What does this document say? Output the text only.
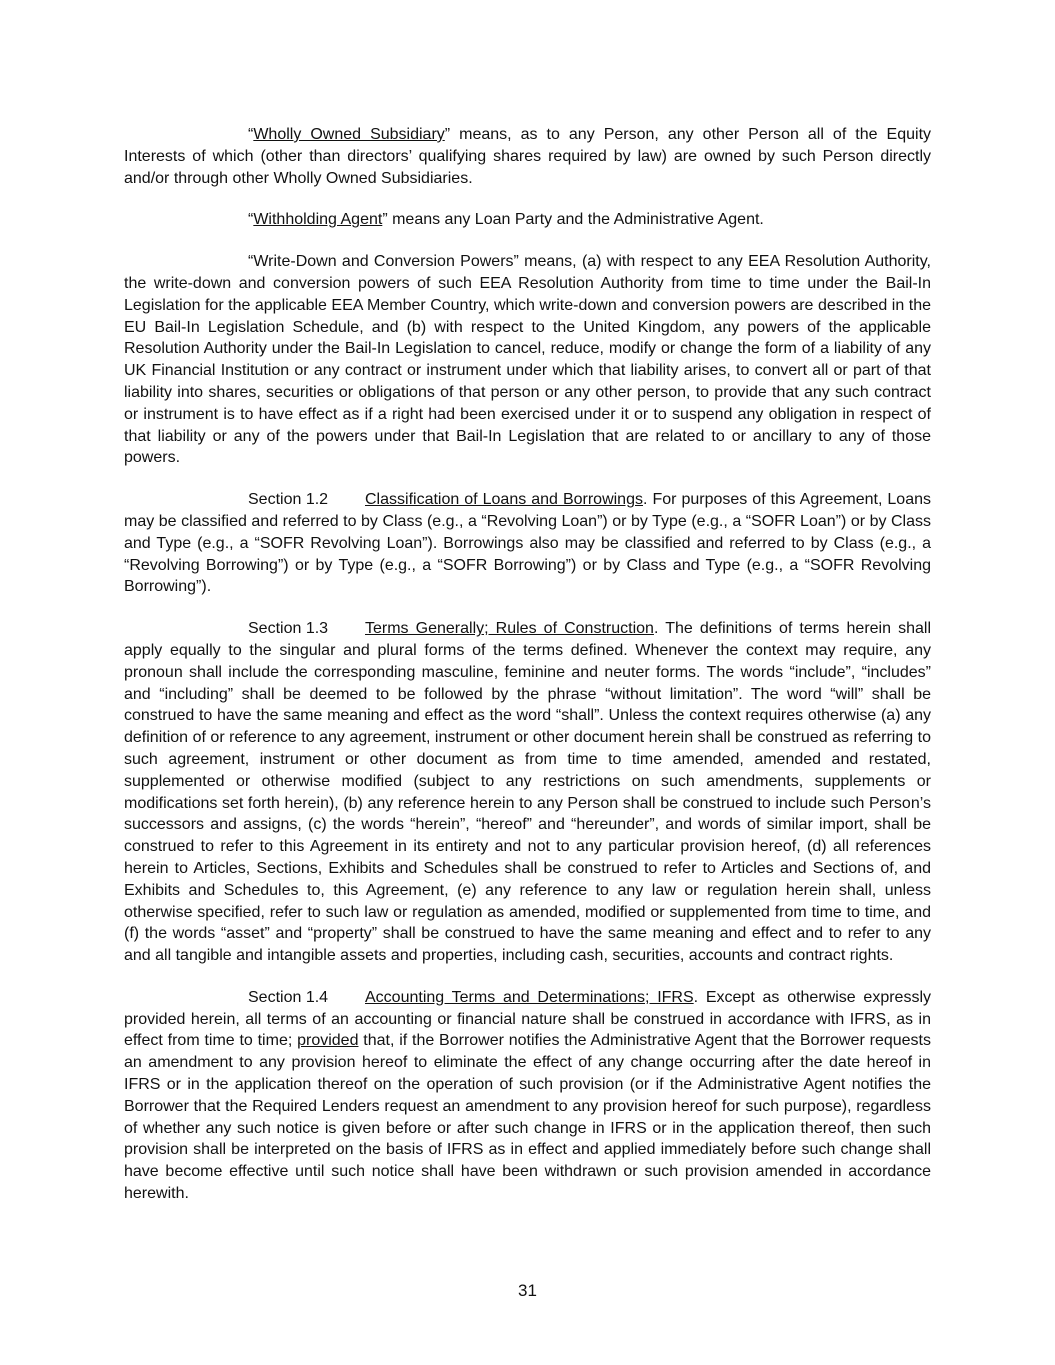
“Wholly Owned Subsidiary” means, as to any Person, any other Person all of the Equity Interests of which (other than directors’ qualifying shares required by law) are owned by such Person directly and/or through other Wholly Owned Subsidiaries.

“Withholding Agent” means any Loan Party and the Administrative Agent.

“Write-Down and Conversion Powers” means, (a) with respect to any EEA Resolution Authority, the write-down and conversion powers of such EEA Resolution Authority from time to time under the Bail-In Legislation for the applicable EEA Member Country, which write-down and conversion powers are described in the EU Bail-In Legislation Schedule, and (b) with respect to the United Kingdom, any powers of the applicable Resolution Authority under the Bail-In Legislation to cancel, reduce, modify or change the form of a liability of any UK Financial Institution or any contract or instrument under which that liability arises, to convert all or part of that liability into shares, securities or obligations of that person or any other person, to provide that any such contract or instrument is to have effect as if a right had been exercised under it or to suspend any obligation in respect of that liability or any of the powers under that Bail-In Legislation that are related to or ancillary to any of those powers.

Section 1.2 Classification of Loans and Borrowings. For purposes of this Agreement, Loans may be classified and referred to by Class (e.g., a “Revolving Loan”) or by Type (e.g., a “SOFR Loan”) or by Class and Type (e.g., a “SOFR Revolving Loan”). Borrowings also may be classified and referred to by Class (e.g., a “Revolving Borrowing”) or by Type (e.g., a “SOFR Borrowing”) or by Class and Type (e.g., a “SOFR Revolving Borrowing”).

Section 1.3 Terms Generally; Rules of Construction. The definitions of terms herein shall apply equally to the singular and plural forms of the terms defined. Whenever the context may require, any pronoun shall include the corresponding masculine, feminine and neuter forms. The words “include”, “includes” and “including” shall be deemed to be followed by the phrase “without limitation”. The word “will” shall be construed to have the same meaning and effect as the word “shall”. Unless the context requires otherwise (a) any definition of or reference to any agreement, instrument or other document herein shall be construed as referring to such agreement, instrument or other document as from time to time amended, amended and restated, supplemented or otherwise modified (subject to any restrictions on such amendments, supplements or modifications set forth herein), (b) any reference herein to any Person shall be construed to include such Person’s successors and assigns, (c) the words “herein”, “hereof” and “hereunder”, and words of similar import, shall be construed to refer to this Agreement in its entirety and not to any particular provision hereof, (d) all references herein to Articles, Sections, Exhibits and Schedules shall be construed to refer to Articles and Sections of, and Exhibits and Schedules to, this Agreement, (e) any reference to any law or regulation herein shall, unless otherwise specified, refer to such law or regulation as amended, modified or supplemented from time to time, and (f) the words “asset” and “property” shall be construed to have the same meaning and effect and to refer to any and all tangible and intangible assets and properties, including cash, securities, accounts and contract rights.

Section 1.4 Accounting Terms and Determinations; IFRS. Except as otherwise expressly provided herein, all terms of an accounting or financial nature shall be construed in accordance with IFRS, as in effect from time to time; provided that, if the Borrower notifies the Administrative Agent that the Borrower requests an amendment to any provision hereof to eliminate the effect of any change occurring after the date hereof in IFRS or in the application thereof on the operation of such provision (or if the Administrative Agent notifies the Borrower that the Required Lenders request an amendment to any provision hereof for such purpose), regardless of whether any such notice is given before or after such change in IFRS or in the application thereof, then such provision shall be interpreted on the basis of IFRS as in effect and applied immediately before such change shall have become effective until such notice shall have been withdrawn or such provision amended in accordance herewith.

31
